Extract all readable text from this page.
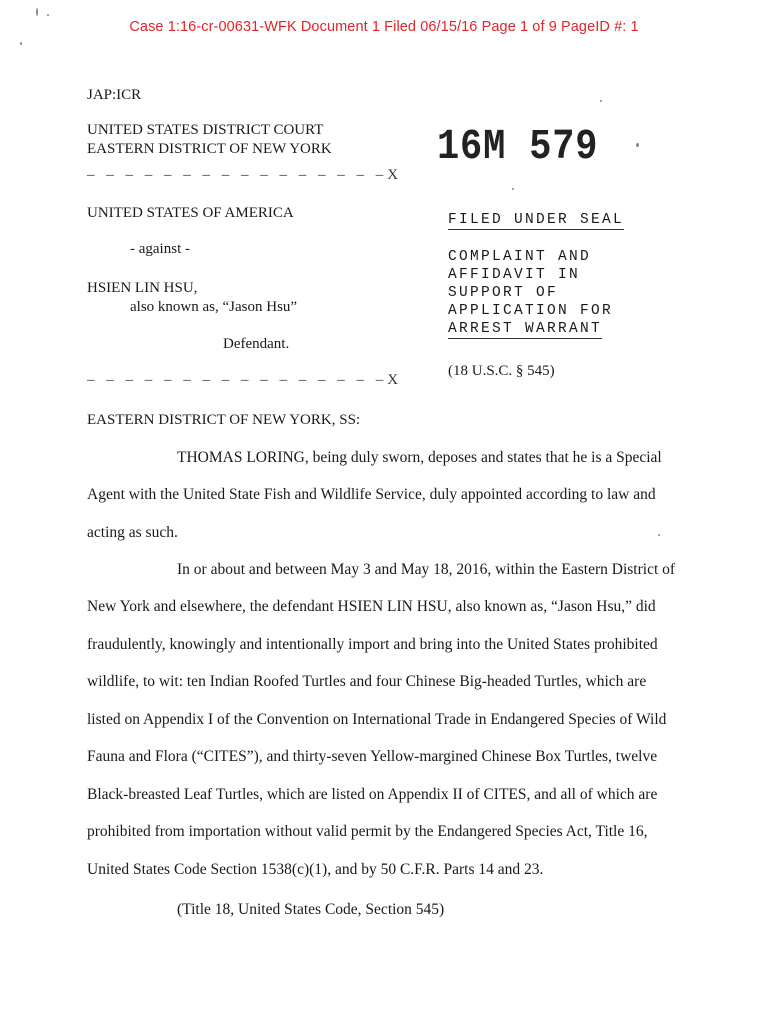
Case 1:16-cr-00631-WFK Document 1 Filed 06/15/16 Page 1 of 9 PageID #: 1
JAP:ICR
UNITED STATES DISTRICT COURT
EASTERN DISTRICT OF NEW YORK 16M 579
– – – – – – – – – – – – – – – –X
UNITED STATES OF AMERICA
- against -
HSIEN LIN HSU,
also known as, “Jason Hsu”
Defendant.
– – – – – – – – – – – – – – – –X
FILED UNDER SEAL
COMPLAINT AND
AFFIDAVIT IN
SUPPORT OF
APPLICATION FOR
ARREST WARRANT
(18 U.S.C. § 545)
EASTERN DISTRICT OF NEW YORK, SS:
THOMAS LORING, being duly sworn, deposes and states that he is a Special
Agent with the United State Fish and Wildlife Service, duly appointed according to law and
acting as such.
In or about and between May 3 and May 18, 2016, within the Eastern District of
New York and elsewhere, the defendant HSIEN LIN HSU, also known as, “Jason Hsu,” did
fraudulently, knowingly and intentionally import and bring into the United States prohibited
wildlife, to wit: ten Indian Roofed Turtles and four Chinese Big-headed Turtles, which are
listed on Appendix I of the Convention on International Trade in Endangered Species of Wild
Fauna and Flora (“CITES”), and thirty-seven Yellow-margined Chinese Box Turtles, twelve
Black-breasted Leaf Turtles, which are listed on Appendix II of CITES, and all of which are
prohibited from importation without valid permit by the Endangered Species Act, Title 16,
United States Code Section 1538(c)(1), and by 50 C.F.R. Parts 14 and 23.
(Title 18, United States Code, Section 545)
